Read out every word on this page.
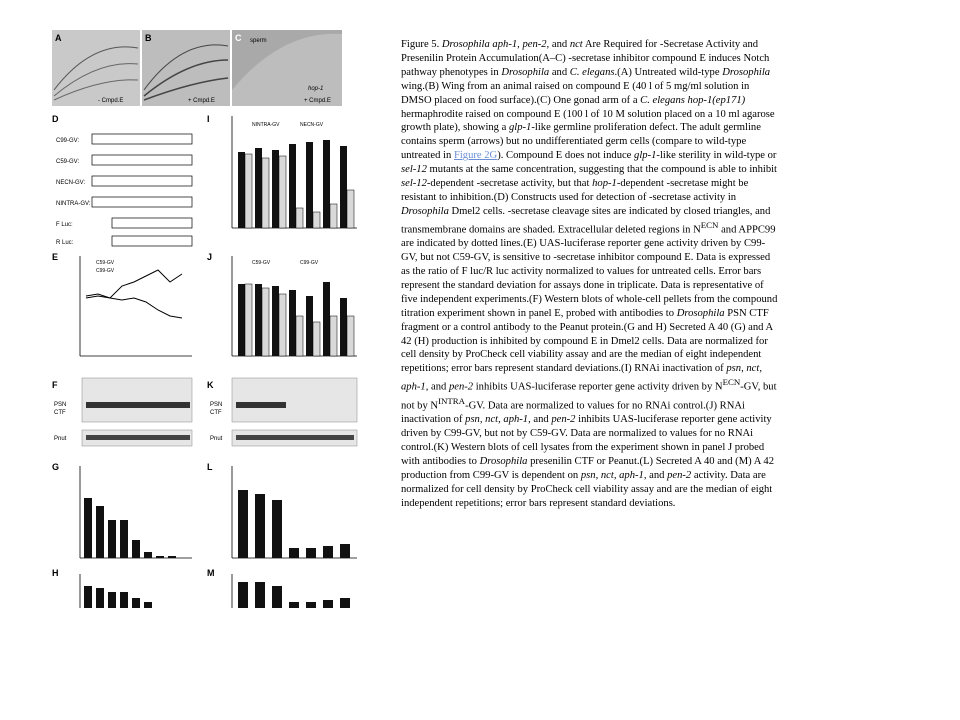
A
- Cmpd.E
B
+ Cmpd.E
C sperm
hop-1
+ Cmpd.E
D
C99-GV:
C59-GV:
NECN-GV:
NINTRA-GV:
F Luc:
R Luc:
I
NINTRA-GV	NECN-GV
E
C59-GV
C99-GV
J
C59-GV	C99-GV
F
PSN
CTF
Pnut
K
PSN
CTF
Pnut
G	L
H	M

Figure 5. Drosophila aph-1, pen-2, and nct Are Required for -Secretase Activity and Presenilin Protein Accumulation(A–C) -secretase inhibitor compound E induces Notch pathway phenotypes in Drosophila and C. elegans.(A) Untreated wild-type Drosophila wing.(B) Wing from an animal raised on compound E (40 l of 5 mg/ml solution in DMSO placed on food surface).(C) One gonad arm of a C. elegans hop-1(ep171) hermaphrodite raised on compound E (100 l of 10 M solution placed on a 10 ml agarose growth plate), showing a glp-1-like germline proliferation defect. The adult germline contains sperm (arrows) but no undifferentiated germ cells (compare to wild-type untreated in Figure 2G). Compound E does not induce glp-1-like sterility in wild-type or sel-12 mutants at the same concentration, suggesting that the compound is able to inhibit sel-12-dependent -secretase activity, but that hop-1-dependent -secretase might be resistant to inhibition.(D) Constructs used for detection of -secretase activity in Drosophila Dmel2 cells. -secretase cleavage sites are indicated by closed triangles, and transmembrane domains are shaded. Extracellular deleted regions in $N^{ECN}$ and APPC99 are indicated by dotted lines.(E) UAS-luciferase reporter gene activity driven by C99-GV, but not C59-GV, is sensitive to -secretase inhibitor compound E. Data is expressed as the ratio of F luc/R luc activity normalized to values for untreated cells. Error bars represent the standard deviation for assays done in triplicate. Data is representative of five independent experiments.(F) Western blots of whole-cell pellets from the compound titration experiment shown in panel E, probed with antibodies to Drosophila PSN CTF fragment or a control antibody to the Peanut protein.(G and H) Secreted A 40 (G) and A 42 (H) production is inhibited by compound E in Dmel2 cells. Data are normalized for cell density by ProCheck cell viability assay and are the median of eight independent repetitions; error bars represent standard deviations.(I) RNAi inactivation of psn, nct, aph-1, and pen-2 inhibits UAS-luciferase reporter gene activity driven by $N^{ECN}-GV$, but not by $N^{INTRA}-GV$. Data are normalized to values for no RNAi control.(J) RNAi inactivation of psn, nct, aph-1, and pen-2 inhibits UAS-luciferase reporter gene activity driven by C99-GV, but not by C59-GV. Data are normalized to values for no RNAi control.(K) Western blots of cell lysates from the experiment shown in panel J probed with antibodies to Drosophila presenilin CTF or Peanut.(L) Secreted A 40 and (M) A 42 production from C99-GV is dependent on psn, nct, aph-1, and pen-2 activity. Data are normalized for cell density by ProCheck cell viability assay and are the median of eight independent repetitions; error bars represent standard deviations.
